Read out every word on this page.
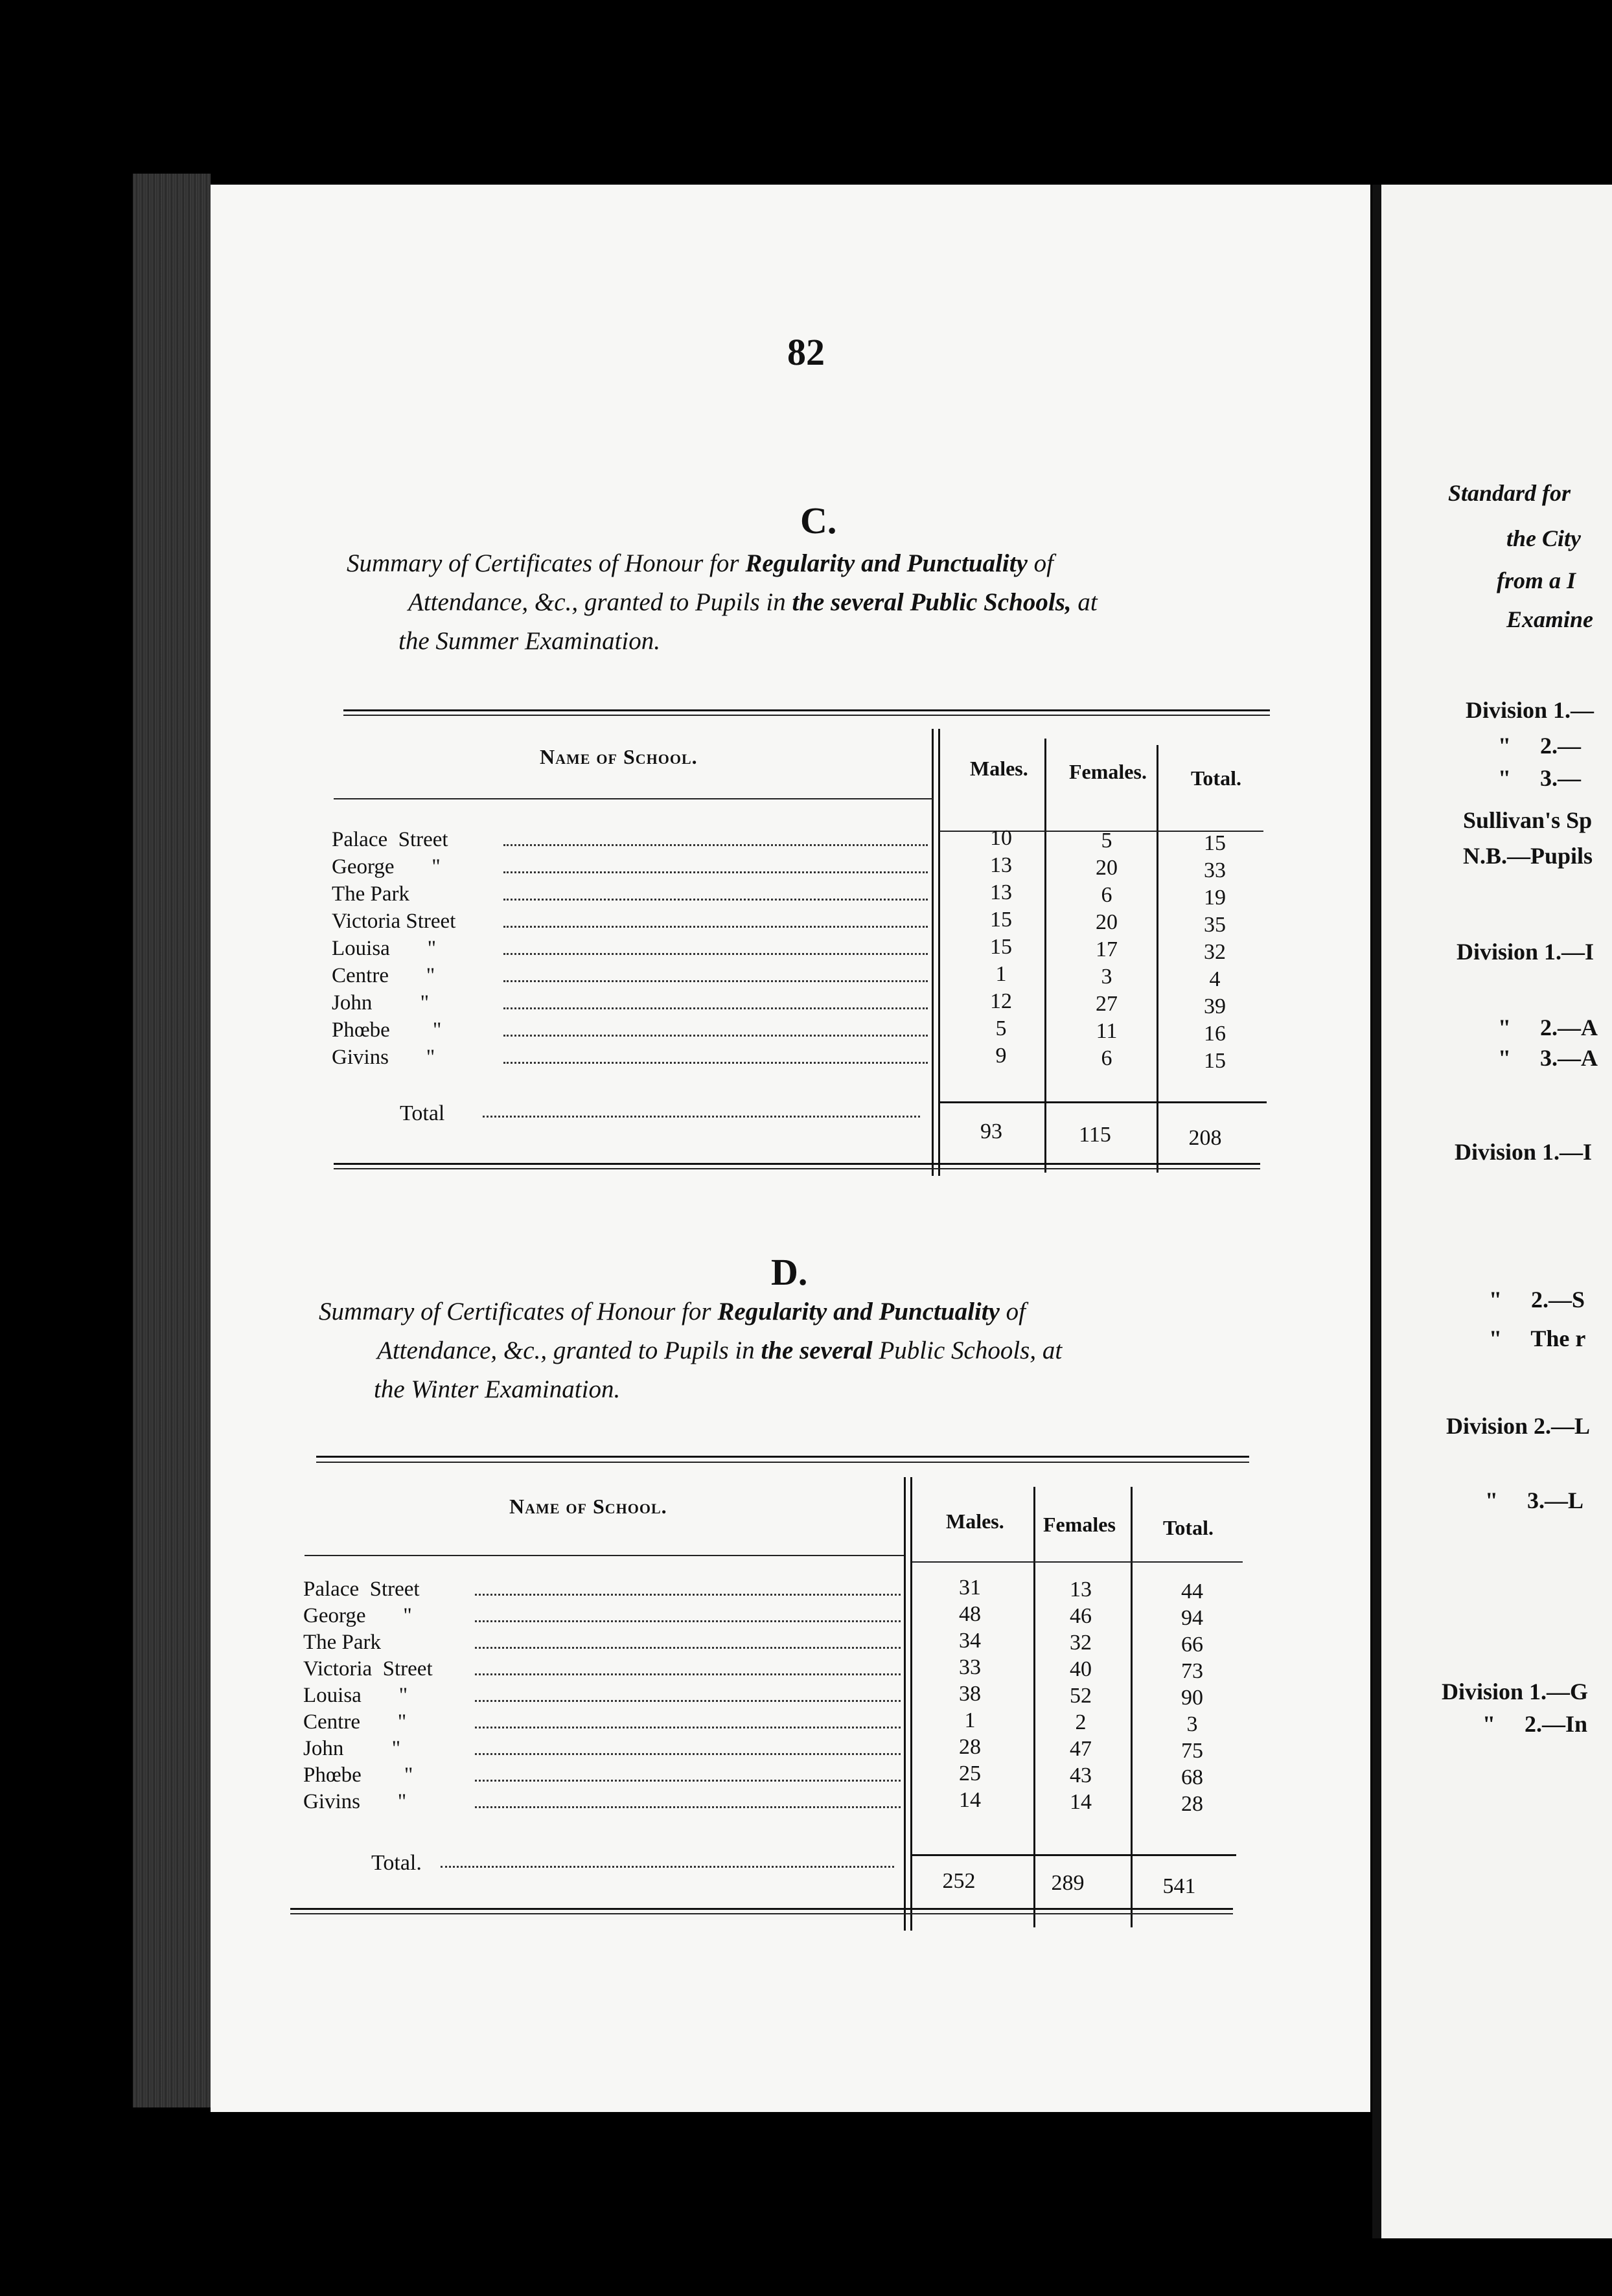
82
C.
Summary of Certificates of Honour for Regularity and Punctuality of
Attendance, &c., granted to Pupils in the several Public Schools, at
the Summer Examination.
Name of School.	Males. Females. Total.
Palace  Street	10	5	15
George       "	13	20	33
The Park	13	6	19
Victoria Street	15	20	35
Louisa       "	15	17	32
Centre       "	1	3	4
John         "	12	27	39
Phœbe        "	5	11	16
Givins       "	9	6	15
Total
93	115	208
D.
Summary of Certificates of Honour for Regularity and Punctuality of
Attendance, &c., granted to Pupils in the several Public Schools, at
the Winter Examination.
Name of School.
Males. Females Total.
Palace  Street	31	13	44
George       "	48	46	94
The Park	34	32	66
Victoria  Street	33	40	73
Louisa       "	38	52	90
Centre       "	1	2	3
John         "	28	47	75
Phœbe        "	25	43	68
Givins       "	14	14	28
Total.
252	289	541
Standard for
the City
from a I
Examine
Division 1.—
"     2.—
"     3.—
Sullivan's Sp
N.B.—Pupils
Division 1.—I
"     2.—A
"     3.—A
Division 1.—I
"     2.—S
"     The r
Division 2.—L
"     3.—L
Division 1.—G
"     2.—In
